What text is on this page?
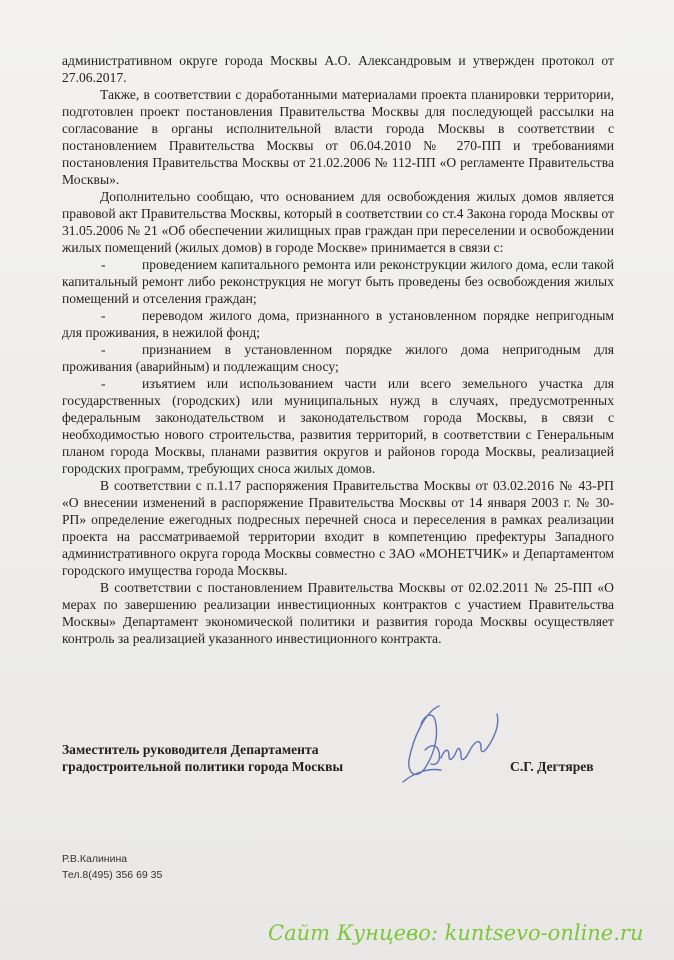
административном округе города Москвы А.О. Александровым и утвержден протокол от 27.06.2017.

Также, в соответствии с доработанными материалами проекта планировки территории, подготовлен проект постановления Правительства Москвы для последующей рассылки на согласование в органы исполнительной власти города Москвы в соответствии с постановлением Правительства Москвы от 06.04.2010 № 270-ПП и требованиями постановления Правительства Москвы от 21.02.2006 № 112-ПП «О регламенте Правительства Москвы».

Дополнительно сообщаю, что основанием для освобождения жилых домов является правовой акт Правительства Москвы, который в соответствии со ст.4 Закона города Москвы от 31.05.2006 № 21 «Об обеспечении жилищных прав граждан при переселении и освобождении жилых помещений (жилых домов) в городе Москве» принимается в связи с:

-	проведением капитального ремонта или реконструкции жилого дома, если такой капитальный ремонт либо реконструкция не могут быть проведены без освобождения жилых помещений и отселения граждан;

-	переводом жилого дома, признанного в установленном порядке непригодным для проживания, в нежилой фонд;

-	признанием в установленном порядке жилого дома непригодным для проживания (аварийным) и подлежащим сносу;

-	изъятием или использованием части или всего земельного участка для государственных (городских) или муниципальных нужд в случаях, предусмотренных федеральным законодательством и законодательством города Москвы, в связи с необходимостью нового строительства, развития территорий, в соответствии с Генеральным планом города Москвы, планами развития округов и районов города Москвы, реализацией городских программ, требующих сноса жилых домов.

В соответствии с п.1.17 распоряжения Правительства Москвы от 03.02.2016 № 43-РП «О внесении изменений в распоряжение Правительства Москвы от 14 января 2003 г. № 30-РП» определение ежегодных подресных перечней сноса и переселения в рамках реализации проекта на рассматриваемой территории входит в компетенцию префектуры Западного административного округа города Москвы совместно с ЗАО «МОНЕТЧИК» и Департаментом городского имущества города Москвы.

В соответствии с постановлением Правительства Москвы от 02.02.2011 № 25-ПП «О мерах по завершению реализации инвестиционных контрактов с участием Правительства Москвы» Департамент экономической политики и развития города Москвы осуществляет контроль за реализацией указанного инвестиционного контракта.

Заместитель руководителя Департамента
градостроительной политики города Москвы	С.Г. Дегтярев
Р.В.Калинина
Тел.8(495) 356 69 35
Сайт Кунцево: kuntsevo-online.ru
